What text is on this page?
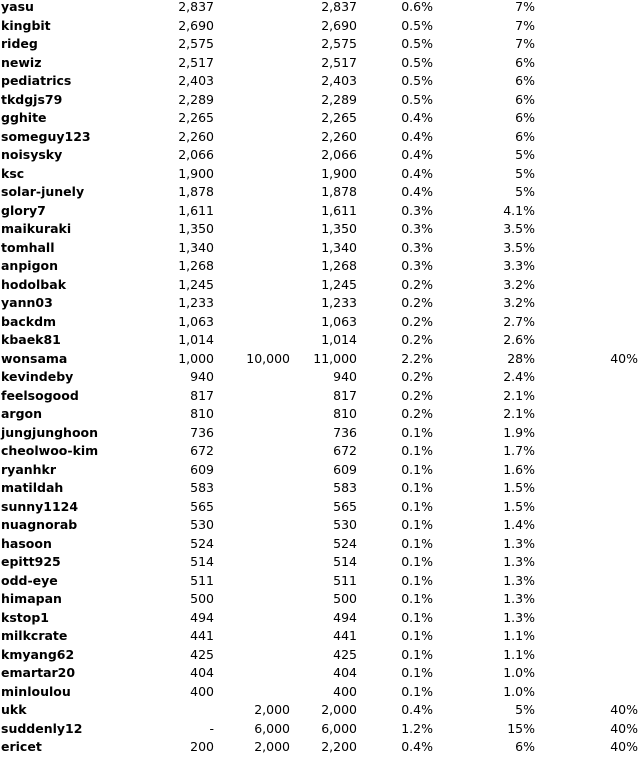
yasu	2,837		2,837	0.6%	7%	
kingbit	2,690		2,690	0.5%	7%	
rideg	2,575		2,575	0.5%	7%	
newiz	2,517		2,517	0.5%	6%	
pediatrics	2,403		2,403	0.5%	6%	
tkdgjs79	2,289		2,289	0.5%	6%	
gghite	2,265		2,265	0.4%	6%	
someguy123	2,260		2,260	0.4%	6%	
noisysky	2,066		2,066	0.4%	5%	
ksc	1,900		1,900	0.4%	5%	
solar-junely	1,878		1,878	0.4%	5%	
glory7	1,611		1,611	0.3%	4.1%	
maikuraki	1,350		1,350	0.3%	3.5%	
tomhall	1,340		1,340	0.3%	3.5%	
anpigon	1,268		1,268	0.3%	3.3%	
hodolbak	1,245		1,245	0.2%	3.2%	
yann03	1,233		1,233	0.2%	3.2%	
backdm	1,063		1,063	0.2%	2.7%	
kbaek81	1,014		1,014	0.2%	2.6%	
wonsama	1,000	10,000	11,000	2.2%	28%	40%
kevindeby	940		940	0.2%	2.4%	
feelsogood	817		817	0.2%	2.1%	
argon	810		810	0.2%	2.1%	
jungjunghoon	736		736	0.1%	1.9%	
cheolwoo-kim	672		672	0.1%	1.7%	
ryanhkr	609		609	0.1%	1.6%	
matildah	583		583	0.1%	1.5%	
sunny1124	565		565	0.1%	1.5%	
nuagnorab	530		530	0.1%	1.4%	
hasoon	524		524	0.1%	1.3%	
epitt925	514		514	0.1%	1.3%	
odd-eye	511		511	0.1%	1.3%	
himapan	500		500	0.1%	1.3%	
kstop1	494		494	0.1%	1.3%	
milkcrate	441		441	0.1%	1.1%	
kmyang62	425		425	0.1%	1.1%	
emartar20	404		404	0.1%	1.0%	
minloulou	400		400	0.1%	1.0%	
ukk		2,000	2,000	0.4%	5%	40%
suddenly12	-	6,000	6,000	1.2%	15%	40%
ericet	200	2,000	2,200	0.4%	6%	40%
